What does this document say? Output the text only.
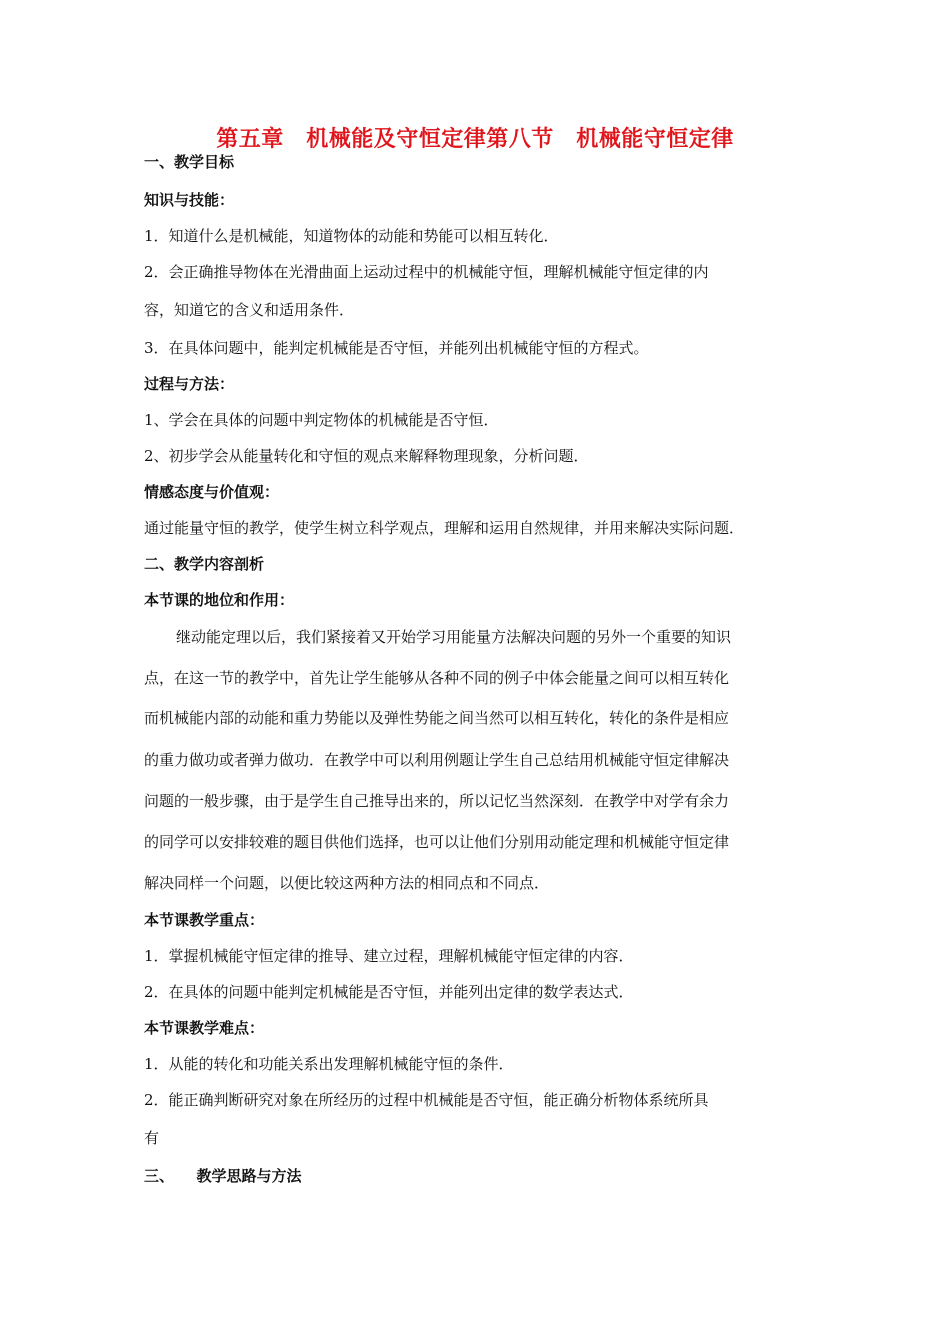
第五章　机械能及守恒定律第八节　机械能守恒定律
一、教学目标
知识与技能：
1．知道什么是机械能，知道物体的动能和势能可以相互转化．
2．会正确推导物体在光滑曲面上运动过程中的机械能守恒，理解机械能守恒定律的内
容，知道它的含义和适用条件．
3．在具体问题中，能判定机械能是否守恒，并能列出机械能守恒的方程式。
过程与方法：
1、学会在具体的问题中判定物体的机械能是否守恒．
2、初步学会从能量转化和守恒的观点来解释物理现象，分析问题．
情感态度与价值观：
通过能量守恒的教学，使学生树立科学观点，理解和运用自然规律，并用来解决实际问题．
二、教学内容剖析
本节课的地位和作用：
继动能定理以后，我们紧接着又开始学习用能量方法解决问题的另外一个重要的知识
点，在这一节的教学中，首先让学生能够从各种不同的例子中体会能量之间可以相互转化
而机械能内部的动能和重力势能以及弹性势能之间当然可以相互转化，转化的条件是相应
的重力做功或者弹力做功．在教学中可以利用例题让学生自己总结用机械能守恒定律解决
问题的一般步骤，由于是学生自己推导出来的，所以记忆当然深刻．在教学中对学有余力
的同学可以安排较难的题目供他们选择，也可以让他们分别用动能定理和机械能守恒定律
解决同样一个问题，以便比较这两种方法的相同点和不同点．
本节课教学重点：
1．掌握机械能守恒定律的推导、建立过程，理解机械能守恒定律的内容．
2．在具体的问题中能判定机械能是否守恒，并能列出定律的数学表达式．
本节课教学难点：
1．从能的转化和功能关系出发理解机械能守恒的条件．
2．能正确判断研究对象在所经历的过程中机械能是否守恒，能正确分析物体系统所具
有
三、　　教学思路与方法
